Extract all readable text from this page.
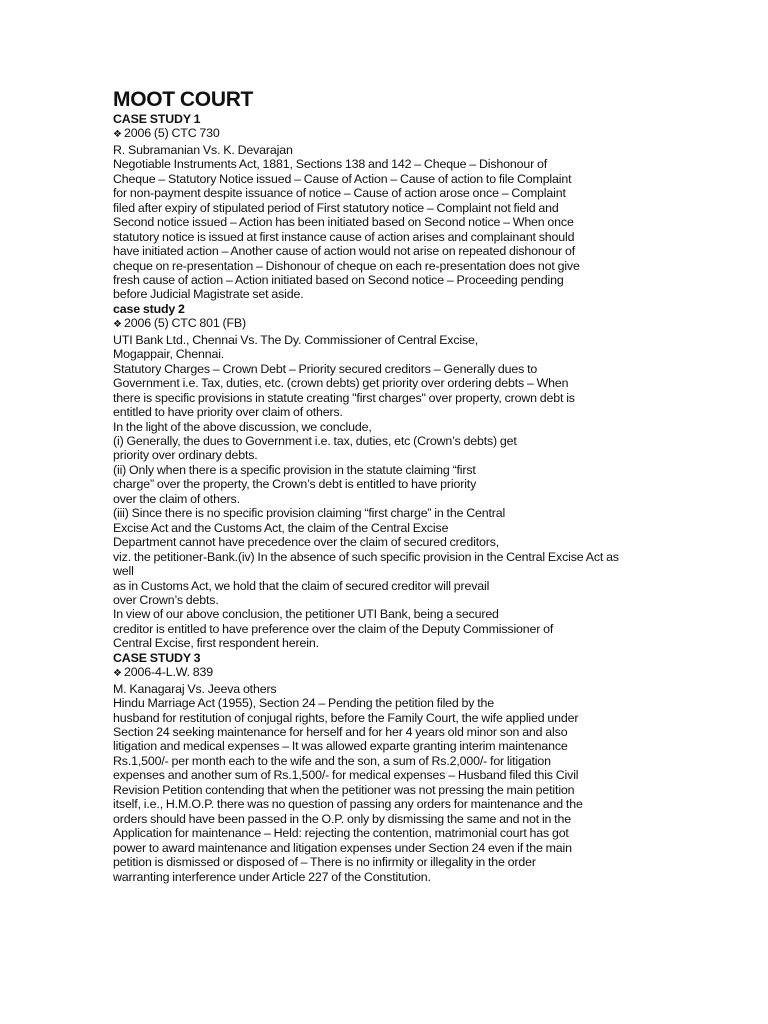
MOOT COURT
CASE STUDY 1
❖ 2006 (5) CTC 730
R. Subramanian Vs. K. Devarajan
Negotiable Instruments Act, 1881, Sections 138 and 142 – Cheque – Dishonour of
Cheque – Statutory Notice issued – Cause of Action – Cause of action to file Complaint
for non-payment despite issuance of notice – Cause of action arose once – Complaint
filed after expiry of stipulated period of First statutory notice – Complaint not field and
Second notice issued – Action has been initiated based on Second notice – When once
statutory notice is issued at first instance cause of action arises and complainant should
have initiated action – Another cause of action would not arise on repeated dishonour of
cheque on re-presentation – Dishonour of cheque on each re-presentation does not give
fresh cause of action – Action initiated based on Second notice – Proceeding pending
before Judicial Magistrate set aside.
case study 2
❖ 2006 (5) CTC 801 (FB)
UTI Bank Ltd., Chennai Vs. The Dy. Commissioner of Central Excise,
Mogappair, Chennai.
Statutory Charges – Crown Debt – Priority secured creditors – Generally dues to
Government i.e. Tax, duties, etc. (crown debts) get priority over ordering debts – When
there is specific provisions in statute creating "first charges" over property, crown debt is
entitled to have priority over claim of others.
In the light of the above discussion, we conclude,
(i) Generally, the dues to Government i.e. tax, duties, etc (Crown’s debts) get
priority over ordinary debts.
(ii) Only when there is a specific provision in the statute claiming “first
charge” over the property, the Crown’s debt is entitled to have priority
over the claim of others.
(iii) Since there is no specific provision claiming “first charge” in the Central
Excise Act and the Customs Act, the claim of the Central Excise
Department cannot have precedence over the claim of secured creditors,
viz. the petitioner-Bank.(iv) In the absence of such specific provision in the Central Excise Act as
well
as in Customs Act, we hold that the claim of secured creditor will prevail
over Crown’s debts.
In view of our above conclusion, the petitioner UTI Bank, being a secured
creditor is entitled to have preference over the claim of the Deputy Commissioner of
Central Excise, first respondent herein.
CASE STUDY 3
❖ 2006-4-L.W. 839
M. Kanagaraj Vs. Jeeva others
Hindu Marriage Act (1955), Section 24 – Pending the petition filed by the
husband for restitution of conjugal rights, before the Family Court, the wife applied under
Section 24 seeking maintenance for herself and for her 4 years old minor son and also
litigation and medical expenses – It was allowed exparte granting interim maintenance
Rs.1,500/- per month each to the wife and the son, a sum of Rs.2,000/- for litigation
expenses and another sum of Rs.1,500/- for medical expenses – Husband filed this Civil
Revision Petition contending that when the petitioner was not pressing the main petition
itself, i.e., H.M.O.P. there was no question of passing any orders for maintenance and the
orders should have been passed in the O.P. only by dismissing the same and not in the
Application for maintenance – Held: rejecting the contention, matrimonial court has got
power to award maintenance and litigation expenses under Section 24 even if the main
petition is dismissed or disposed of – There is no infirmity or illegality in the order
warranting interference under Article 227 of the Constitution.
